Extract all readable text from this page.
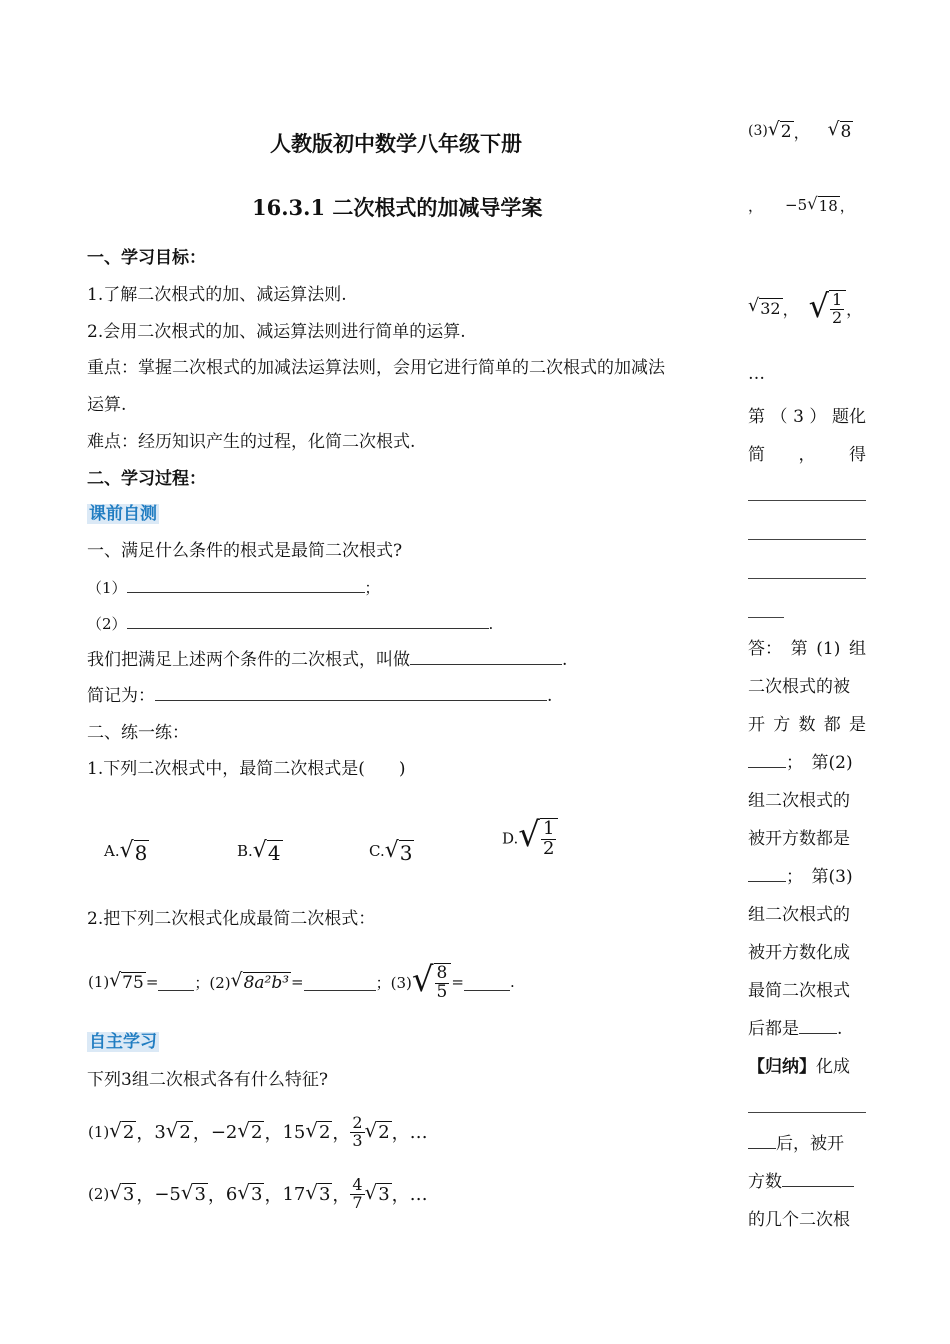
人教版初中数学八年级下册
16.3.1 二次根式的加减导学案
一、学习目标：
1.了解二次根式的加、减运算法则.
2.会用二次根式的加、减运算法则进行简单的运算.
重点：掌握二次根式的加减法运算法则，会用它进行简单的二次根式的加减法
运算.
难点：经历知识产生的过程，化简二次根式.
二、学习过程：
课前自测
一、满足什么条件的根式是最简二次根式?
（1）	；
（2）	.
我们把满足上述两个条件的二次根式，叫做	.
简记为：	.
二、练一练：
1.下列二次根式中，最简二次根式是(　　)
A. √ 8	B. √ 4	C. √ 3
D. √ $\frac{1}{2}$
2.把下列二次根式化成最简二次根式：
(1) √ 75 = ；(2) √ 8a²b³ =	；(3) √ $\frac{8}{5}$ =	.
自主学习
下列3组二次根式各有什么特征?
(1) √ 2 ， 3 √ 2 ， −2 √ 2 ， 15 √ 2 ， $\frac{2}{3}$ √ 2 ， …
(2) √ 3 ， −5 √ 3 ， 6 √ 3 ， 17 √ 3 ， $\frac{4}{7}$ √ 3 ， …
(3) √ 2 ， √ 8
， −5 √ 18 ，
√ 32 ， √ $\frac{1}{2}$ ，
…
第 （ 3 ） 题化
简 ， 得
答： 第 (1) 组
二次根式的被
开 方 数 都 是
；　第(2)
组二次根式的
被开方数都是
；　第(3)
组二次根式的
被开方数化成
最简二次根式
后都是 .
【归纳】化成
后，被开
方数
的几个二次根
